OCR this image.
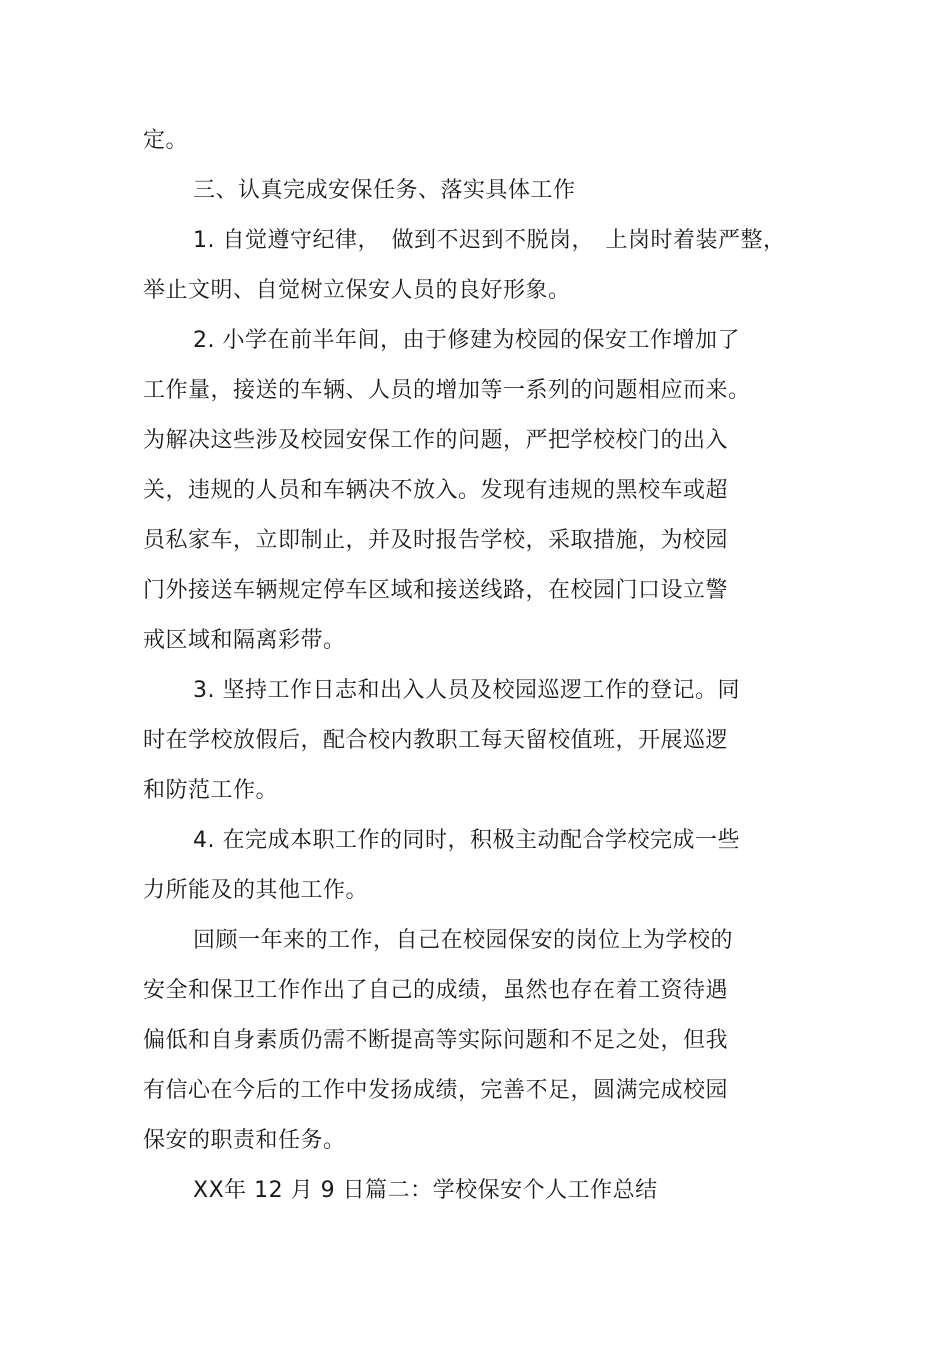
定。
三、认真完成安保任务、落实具体工作
1. 自觉遵守纪律，　做到不迟到不脱岗，　上岗时着装严整，
举止文明、自觉树立保安人员的良好形象。
2. 小学在前半年间，由于修建为校园的保安工作增加了
工作量，接送的车辆、人员的增加等一系列的问题相应而来。
为解决这些涉及校园安保工作的问题，严把学校校门的出入
关，违规的人员和车辆决不放入。发现有违规的黑校车或超
员私家车，立即制止，并及时报告学校，采取措施，为校园
门外接送车辆规定停车区域和接送线路，在校园门口设立警
戒区域和隔离彩带。
3. 坚持工作日志和出入人员及校园巡逻工作的登记。同
时在学校放假后，配合校内教职工每天留校值班，开展巡逻
和防范工作。
4. 在完成本职工作的同时，积极主动配合学校完成一些
力所能及的其他工作。
回顾一年来的工作，自己在校园保安的岗位上为学校的
安全和保卫工作作出了自己的成绩，虽然也存在着工资待遇
偏低和自身素质仍需不断提高等实际问题和不足之处，但我
有信心在今后的工作中发扬成绩，完善不足，圆满完成校园
保安的职责和任务。
XX年 12 月 9 日篇二：学校保安个人工作总结
